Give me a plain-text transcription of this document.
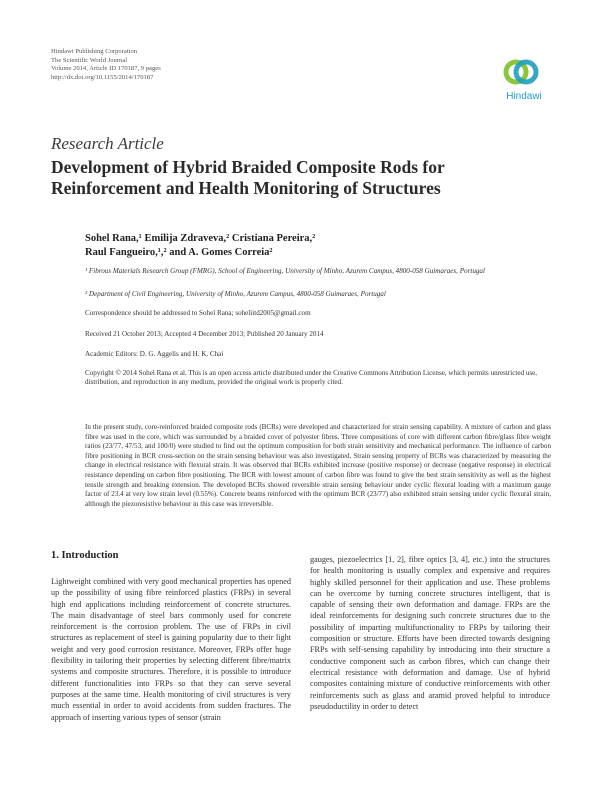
Hindawi Publishing Corporation
The Scientific World Journal
Volume 2014, Article ID 170187, 9 pages
http://dx.doi.org/10.1155/2014/170187
Hindawi
Research Article
Development of Hybrid Braided Composite Rods for Reinforcement and Health Monitoring of Structures
Sohel Rana,¹ Emilija Zdraveva,² Cristiana Pereira,²
Raul Fangueiro,¹,² and A. Gomes Correia²
¹ Fibrous Materials Research Group (FMRG), School of Engineering, University of Minho, Azurem Campus, 4800-058 Guimaraes, Portugal
² Department of Civil Engineering, University of Minho, Azurem Campus, 4800-058 Guimaraes, Portugal
Correspondence should be addressed to Sohel Rana; soheliitd2005@gmail.com
Received 21 October 2013; Accepted 4 December 2013; Published 20 January 2014
Academic Editors: D. G. Aggelis and H. K. Chai
Copyright © 2014 Sohel Rana et al. This is an open access article distributed under the Creative Commons Attribution License, which permits unrestricted use, distribution, and reproduction in any medium, provided the original work is properly cited.
In the present study, core-reinforced braided composite rods (BCRs) were developed and characterized for strain sensing capability. A mixture of carbon and glass fibre was used in the core, which was surrounded by a braided cover of polyester fibres. Three compositions of core with different carbon fibre/glass fibre weight ratios (23/77, 47/53, and 100/0) were studied to find out the optimum composition for both strain sensitivity and mechanical performance. The influence of carbon fibre positioning in BCR cross-section on the strain sensing behaviour was also investigated. Strain sensing property of BCRs was characterized by measuring the change in electrical resistance with flexural strain. It was observed that BCRs exhibited increase (positive response) or decrease (negative response) in electrical resistance depending on carbon fibre positioning. The BCR with lowest amount of carbon fibre was found to give the best strain sensitivity as well as the highest tensile strength and breaking extension. The developed BCRs showed reversible strain sensing behaviour under cyclic flexural loading with a maximum gauge factor of 23.4 at very low strain level (0.55%). Concrete beams reinforced with the optimum BCR (23/77) also exhibited strain sensing under cyclic flexural strain, although the piezoresistive behaviour in this case was irreversible.
1. Introduction
Lightweight combined with very good mechanical properties has opened up the possibility of using fibre reinforced plastics (FRPs) in several high end applications including reinforcement of concrete structures. The main disadvantage of steel bars commonly used for concrete reinforcement is the corrosion problem. The use of FRPs in civil structures as replacement of steel is gaining popularity due to their light weight and very good corrosion resistance. Moreover, FRPs offer huge flexibility in tailoring their properties by selecting different fibre/matrix systems and composite structures. Therefore, it is possible to introduce different functionalities into FRPs so that they can serve several purposes at the same time. Health monitoring of civil structures is very much essential in order to avoid accidents from sudden fractures. The approach of inserting various types of sensor (strain
gauges, piezoelectrics [1, 2], fibre optics [3, 4], etc.) into the structures for health monitoring is usually complex and expensive and requires highly skilled personnel for their application and use. These problems can be overcome by turning concrete structures intelligent, that is capable of sensing their own deformation and damage. FRPs are the ideal reinforcements for designing such concrete structures due to the possibility of imparting multifunctionality to FRPs by tailoring their composition or structure. Efforts have been directed towards designing FRPs with self-sensing capability by introducing into their structure a conductive component such as carbon fibres, which can change their electrical resistance with deformation and damage. Use of hybrid composites containing mixture of conductive reinforcements with other reinforcements such as glass and aramid proved helpful to introduce pseudoductility in order to detect
